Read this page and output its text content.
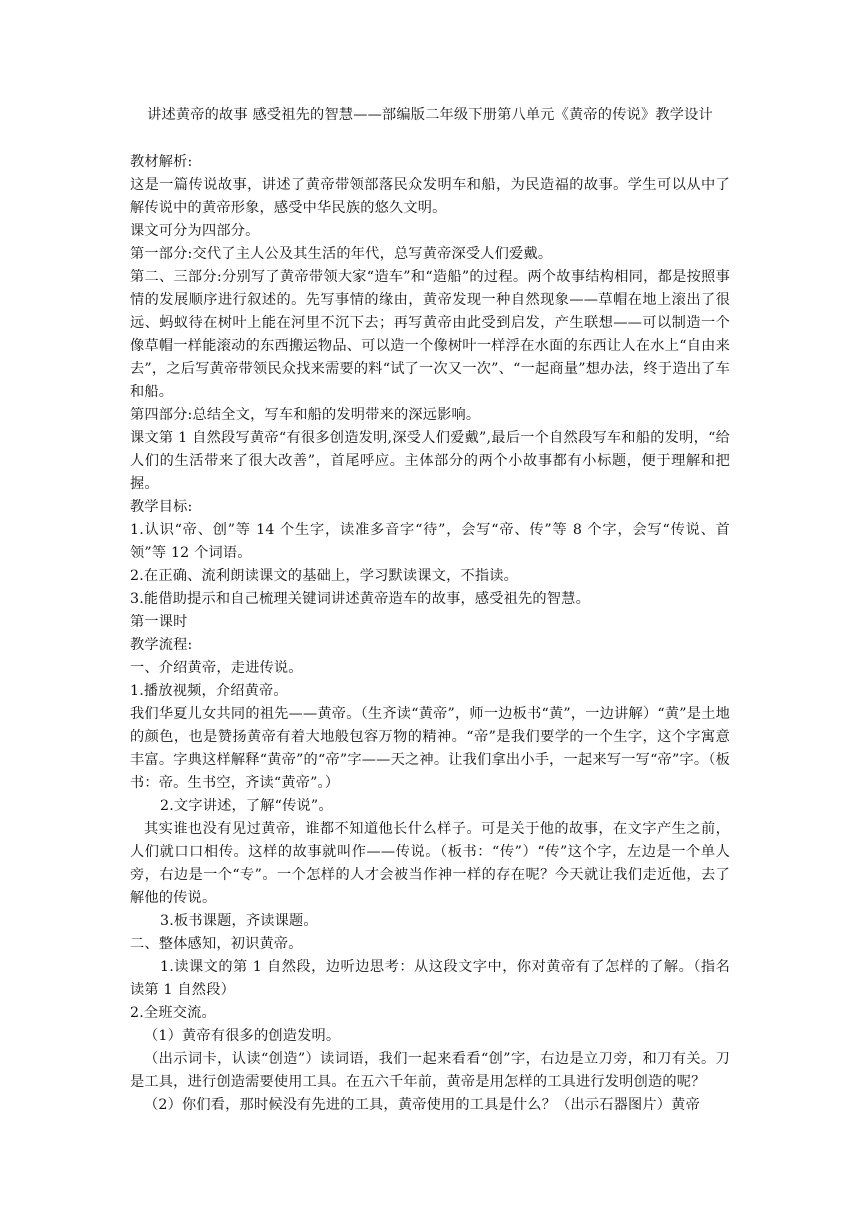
讲述黄帝的故事 感受祖先的智慧——部编版二年级下册第八单元《黄帝的传说》教学设计

教材解析:

这是一篇传说故事，讲述了黄帝带领部落民众发明车和船，为民造福的故事。学生可以从中了解传说中的黄帝形象，感受中华民族的悠久文明。

课文可分为四部分。

第一部分:交代了主人公及其生活的年代，总写黄帝深受人们爱戴。

第二、三部分:分别写了黄帝带领大家“造车”和“造船”的过程。两个故事结构相同，都是按照事情的发展顺序进行叙述的。先写事情的缘由，黄帝发现一种自然现象——草帽在地上滚出了很远、蚂蚁待在树叶上能在河里不沉下去；再写黄帝由此受到启发，产生联想——可以制造一个像草帽一样能滚动的东西搬运物品、可以造一个像树叶一样浮在水面的东西让人在水上“自由来去”，之后写黄帝带领民众找来需要的料“试了一次又一次”、“一起商量”想办法，终于造出了车和船。

第四部分:总结全文，写车和船的发明带来的深远影响。

课文第 1 自然段写黄帝“有很多创造发明,深受人们爱戴”,最后一个自然段写车和船的发明，“给人们的生活带来了很大改善”，首尾呼应。主体部分的两个小故事都有小标题，便于理解和把握。

教学目标:

1.认识“帝、创”等 14 个生字，读准多音字“待”，会写“帝、传”等 8 个字，会写“传说、首领”等 12 个词语。

2.在正确、流利朗读课文的基础上，学习默读课文，不指读。

3.能借助提示和自己梳理关键词讲述黄帝造车的故事，感受祖先的智慧。

第一课时

教学流程:

一、介绍黄帝，走进传说。

1.播放视频，介绍黄帝。

我们华夏儿女共同的祖先——黄帝。（生齐读“黄帝”，师一边板书“黄”，一边讲解）“黄”是土地的颜色，也是赞扬黄帝有着大地般包容万物的精神。“帝”是我们要学的一个生字，这个字寓意丰富。字典这样解释“黄帝”的“帝”字——天之神。让我们拿出小手，一起来写一写“帝”字。（板书：帝。生书空，齐读“黄帝”。）

2.文字讲述，了解“传说”。

其实谁也没有见过黄帝，谁都不知道他长什么样子。可是关于他的故事，在文字产生之前，人们就口口相传。这样的故事就叫作——传说。（板书：“传”）“传”这个字，左边是一个单人旁，右边是一个“专”。一个怎样的人才会被当作神一样的存在呢？今天就让我们走近他，去了解他的传说。

3.板书课题，齐读课题。

二、整体感知，初识黄帝。

1.读课文的第 1 自然段，边听边思考：从这段文字中，你对黄帝有了怎样的了解。（指名读第 1 自然段）

2.全班交流。

（1）黄帝有很多的创造发明。

（出示词卡，认读“创造”）读词语，我们一起来看看“创”字，右边是立刀旁，和刀有关。刀是工具，进行创造需要使用工具。在五六千年前，黄帝是用怎样的工具进行发明创造的呢？

（2）你们看，那时候没有先进的工具，黄帝使用的工具是什么？（出示石器图片）黄帝
